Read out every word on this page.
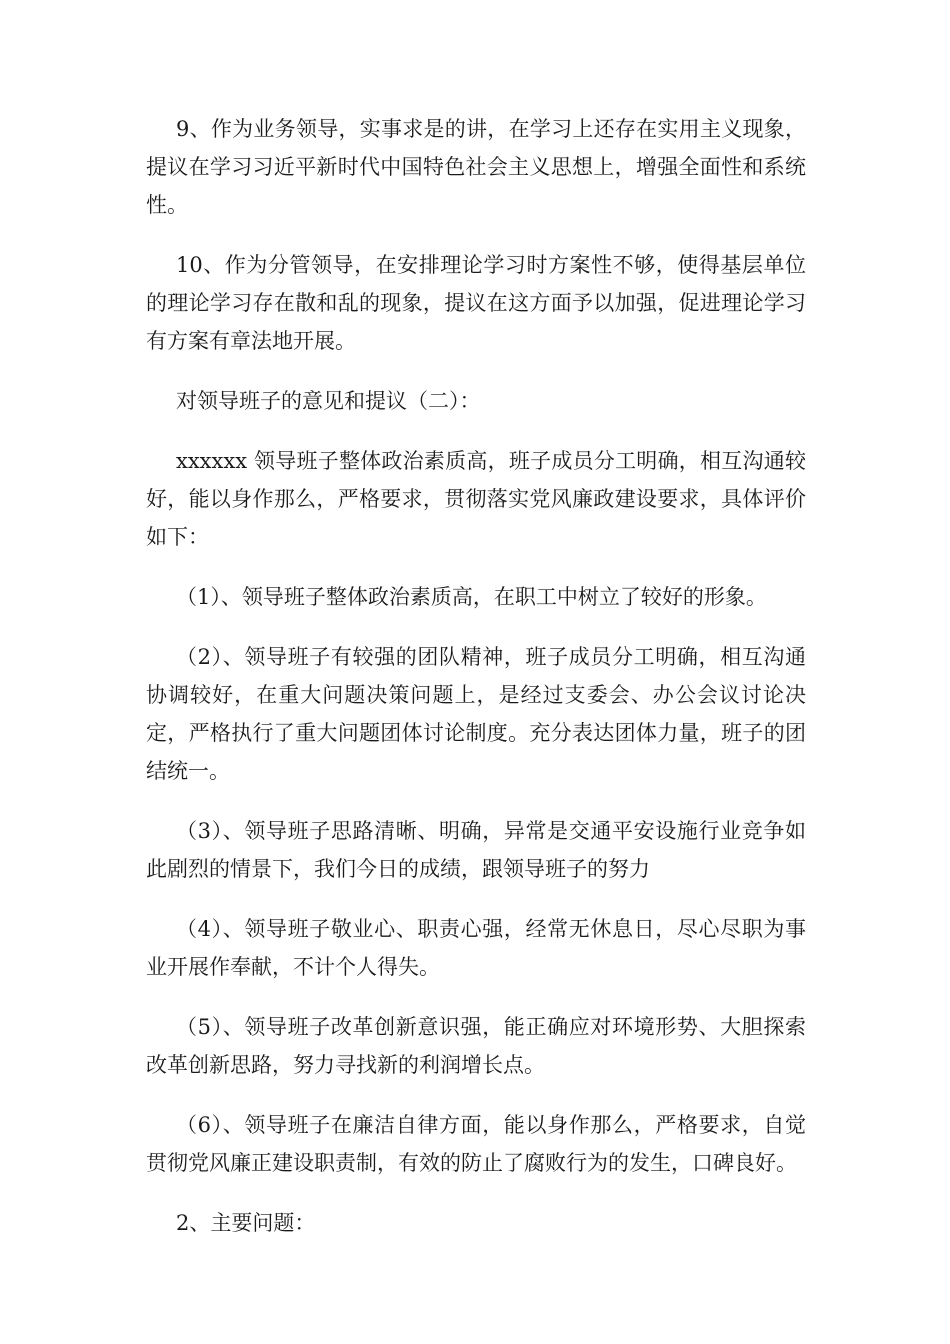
9、作为业务领导，实事求是的讲，在学习上还存在实用主义现象，提议在学习习近平新时代中国特色社会主义思想上，增强全面性和系统性。

10、作为分管领导，在安排理论学习时方案性不够，使得基层单位的理论学习存在散和乱的现象，提议在这方面予以加强，促进理论学习有方案有章法地开展。

对领导班子的意见和提议（二）：

xxxxxx 领导班子整体政治素质高，班子成员分工明确，相互沟通较好，能以身作那么，严格要求，贯彻落实党风廉政建设要求，具体评价如下：

（1）、领导班子整体政治素质高，在职工中树立了较好的形象。

（2）、领导班子有较强的团队精神，班子成员分工明确，相互沟通协调较好，在重大问题决策问题上，是经过支委会、办公会议讨论决定，严格执行了重大问题团体讨论制度。充分表达团体力量，班子的团结统一。

（3）、领导班子思路清晰、明确，异常是交通平安设施行业竞争如此剧烈的情景下，我们今日的成绩，跟领导班子的努力

（4）、领导班子敬业心、职责心强，经常无休息日，尽心尽职为事业开展作奉献，不计个人得失。

（5）、领导班子改革创新意识强，能正确应对环境形势、大胆探索改革创新思路，努力寻找新的利润增长点。

（6）、领导班子在廉洁自律方面，能以身作那么，严格要求，自觉贯彻党风廉正建设职责制，有效的防止了腐败行为的发生，口碑良好。

2、主要问题：
